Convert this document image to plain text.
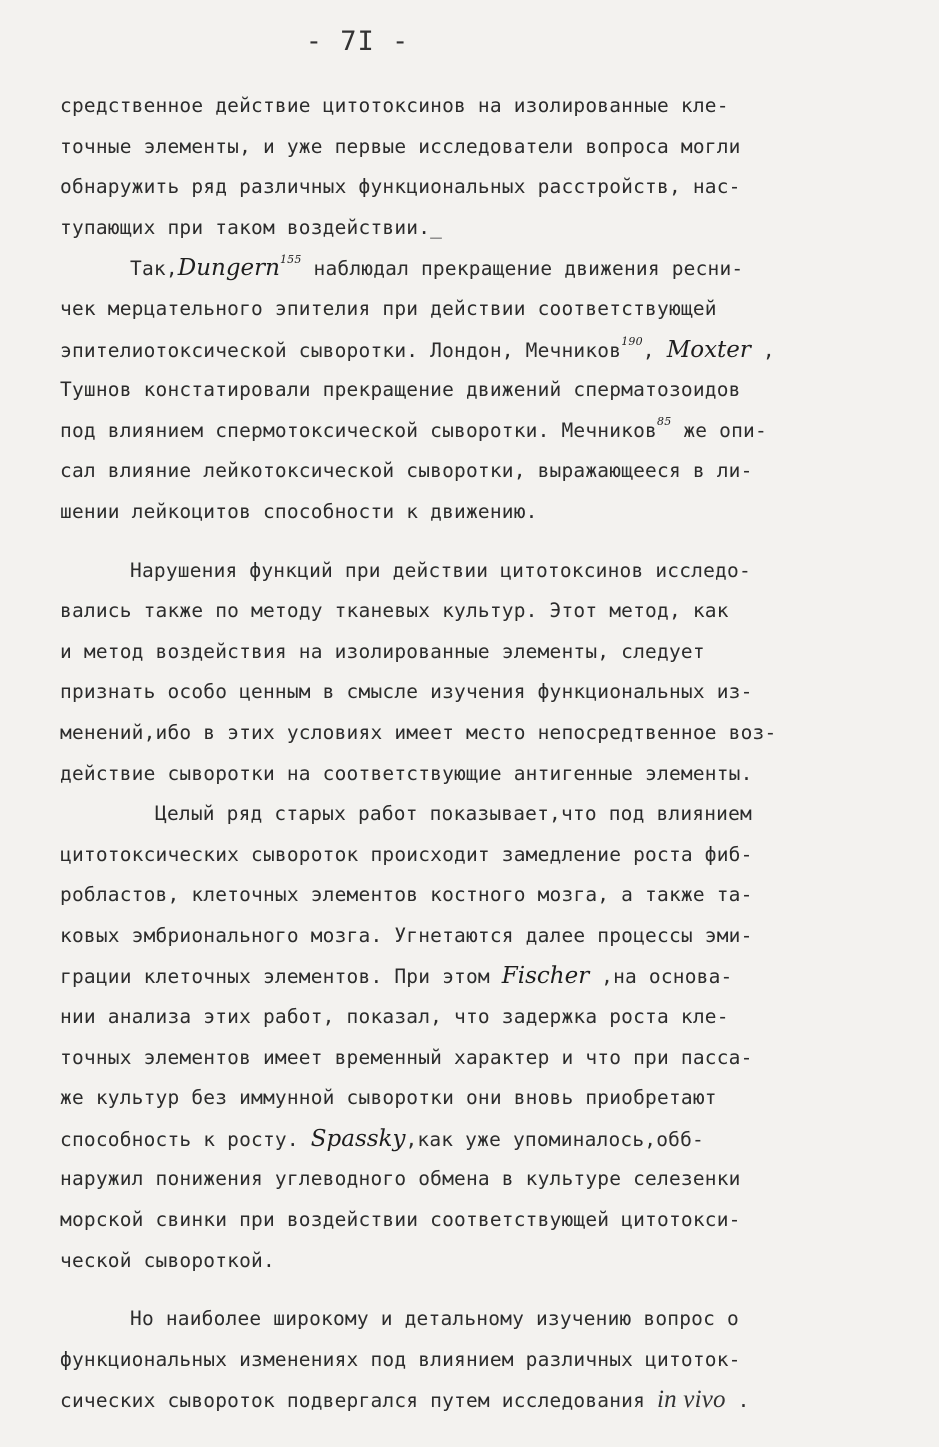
- 7I -
средственное действие цитотоксинов на изолированные кле-
точные элементы, и уже первые исследователи вопроса могли
обнаружить ряд различных функциональных расстройств, нас-
тупающих при таком воздействии._
Так,Dungern$^{155}$ наблюдал прекращение движения ресни-
чек мерцательного эпителия при действии соответствующей
эпителиотоксической сыворотки. Лондон, Мечников$^{190}$, Moxter ,
Тушнов констатировали прекращение движений сперматозоидов
под влиянием спермотоксической сыворотки. Мечников$^{85}$ же опи-
сал влияние лейкотоксической сыворотки, выражающееся в ли-
шении лейкоцитов способности к движению.
Нарушения функций при действии цитотоксинов исследо-
вались также по методу тканевых культур. Этот метод, как
и метод воздействия на изолированные элементы, следует
признать особо ценным в смысле изучения функциональных из-
менений,ибо в этих условиях имеет место непосредтвенное воз-
действие сыворотки на соответствующие антигенные элементы.
Целый ряд старых работ показывает,что под влиянием
цитотоксических сывороток происходит замедление роста фиб-
робластов, клеточных элементов костного мозга, а также та-
ковых эмбрионального мозга. Угнетаются далее процессы эми-
грации клеточных элементов. При этом Fischer ,на основа-
нии анализа этих работ, показал, что задержка роста кле-
точных элементов имеет временный характер и что при пасса-
же культур без иммунной сыворотки они вновь приобретают
способность к росту. Spassky,как уже упоминалось,обб-
наружил понижения углеводного обмена в культуре селезенки
морской свинки при воздействии соответствующей цитотокси-
ческой сывороткой.
Но наиболее широкому и детальному изучению вопрос о
функциональных изменениях под влиянием различных цитоток-
сических сывороток подвергался путем исследования in vivo .
